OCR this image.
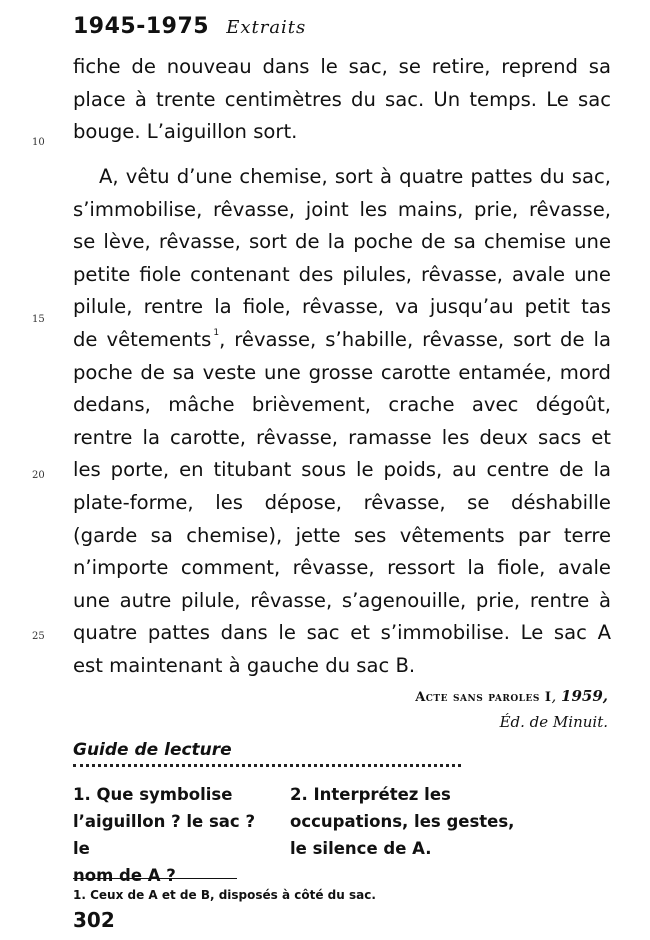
1945-1975 Extraits
fiche de nouveau dans le sac, se retire, reprend sa
place à trente centimètres du sac. Un temps. Le sac
bouge. L’aiguillon sort.
A, vêtu d’une chemise, sort à quatre pattes du sac,
s’immobilise, rêvasse, joint les mains, prie, rêvasse,
se lève, rêvasse, sort de la poche de sa chemise une
petite fiole contenant des pilules, rêvasse, avale une
pilule, rentre la fiole, rêvasse, va jusqu’au petit tas
de vêtements $^1$, rêvasse, s’habille, rêvasse, sort de la
poche de sa veste une grosse carotte entamée, mord
dedans, mâche brièvement, crache avec dégoût,
rentre la carotte, rêvasse, ramasse les deux sacs et
les porte, en titubant sous le poids, au centre de la
plate-forme, les dépose, rêvasse, se déshabille
(garde sa chemise), jette ses vêtements par terre
n’importe comment, rêvasse, ressort la fiole, avale
une autre pilule, rêvasse, s’agenouille, prie, rentre à
quatre pattes dans le sac et s’immobilise. Le sac A
est maintenant à gauche du sac B.
10
15
20
25
Acte sans paroles I, 1959,
Éd. de Minuit.
Guide de lecture
1. Que symbolise
l’aiguillon ? le sac ? le
nom de A ?
2. Interprétez les
occupations, les gestes,
le silence de A.
1. Ceux de A et de B, disposés à côté du sac.
302
